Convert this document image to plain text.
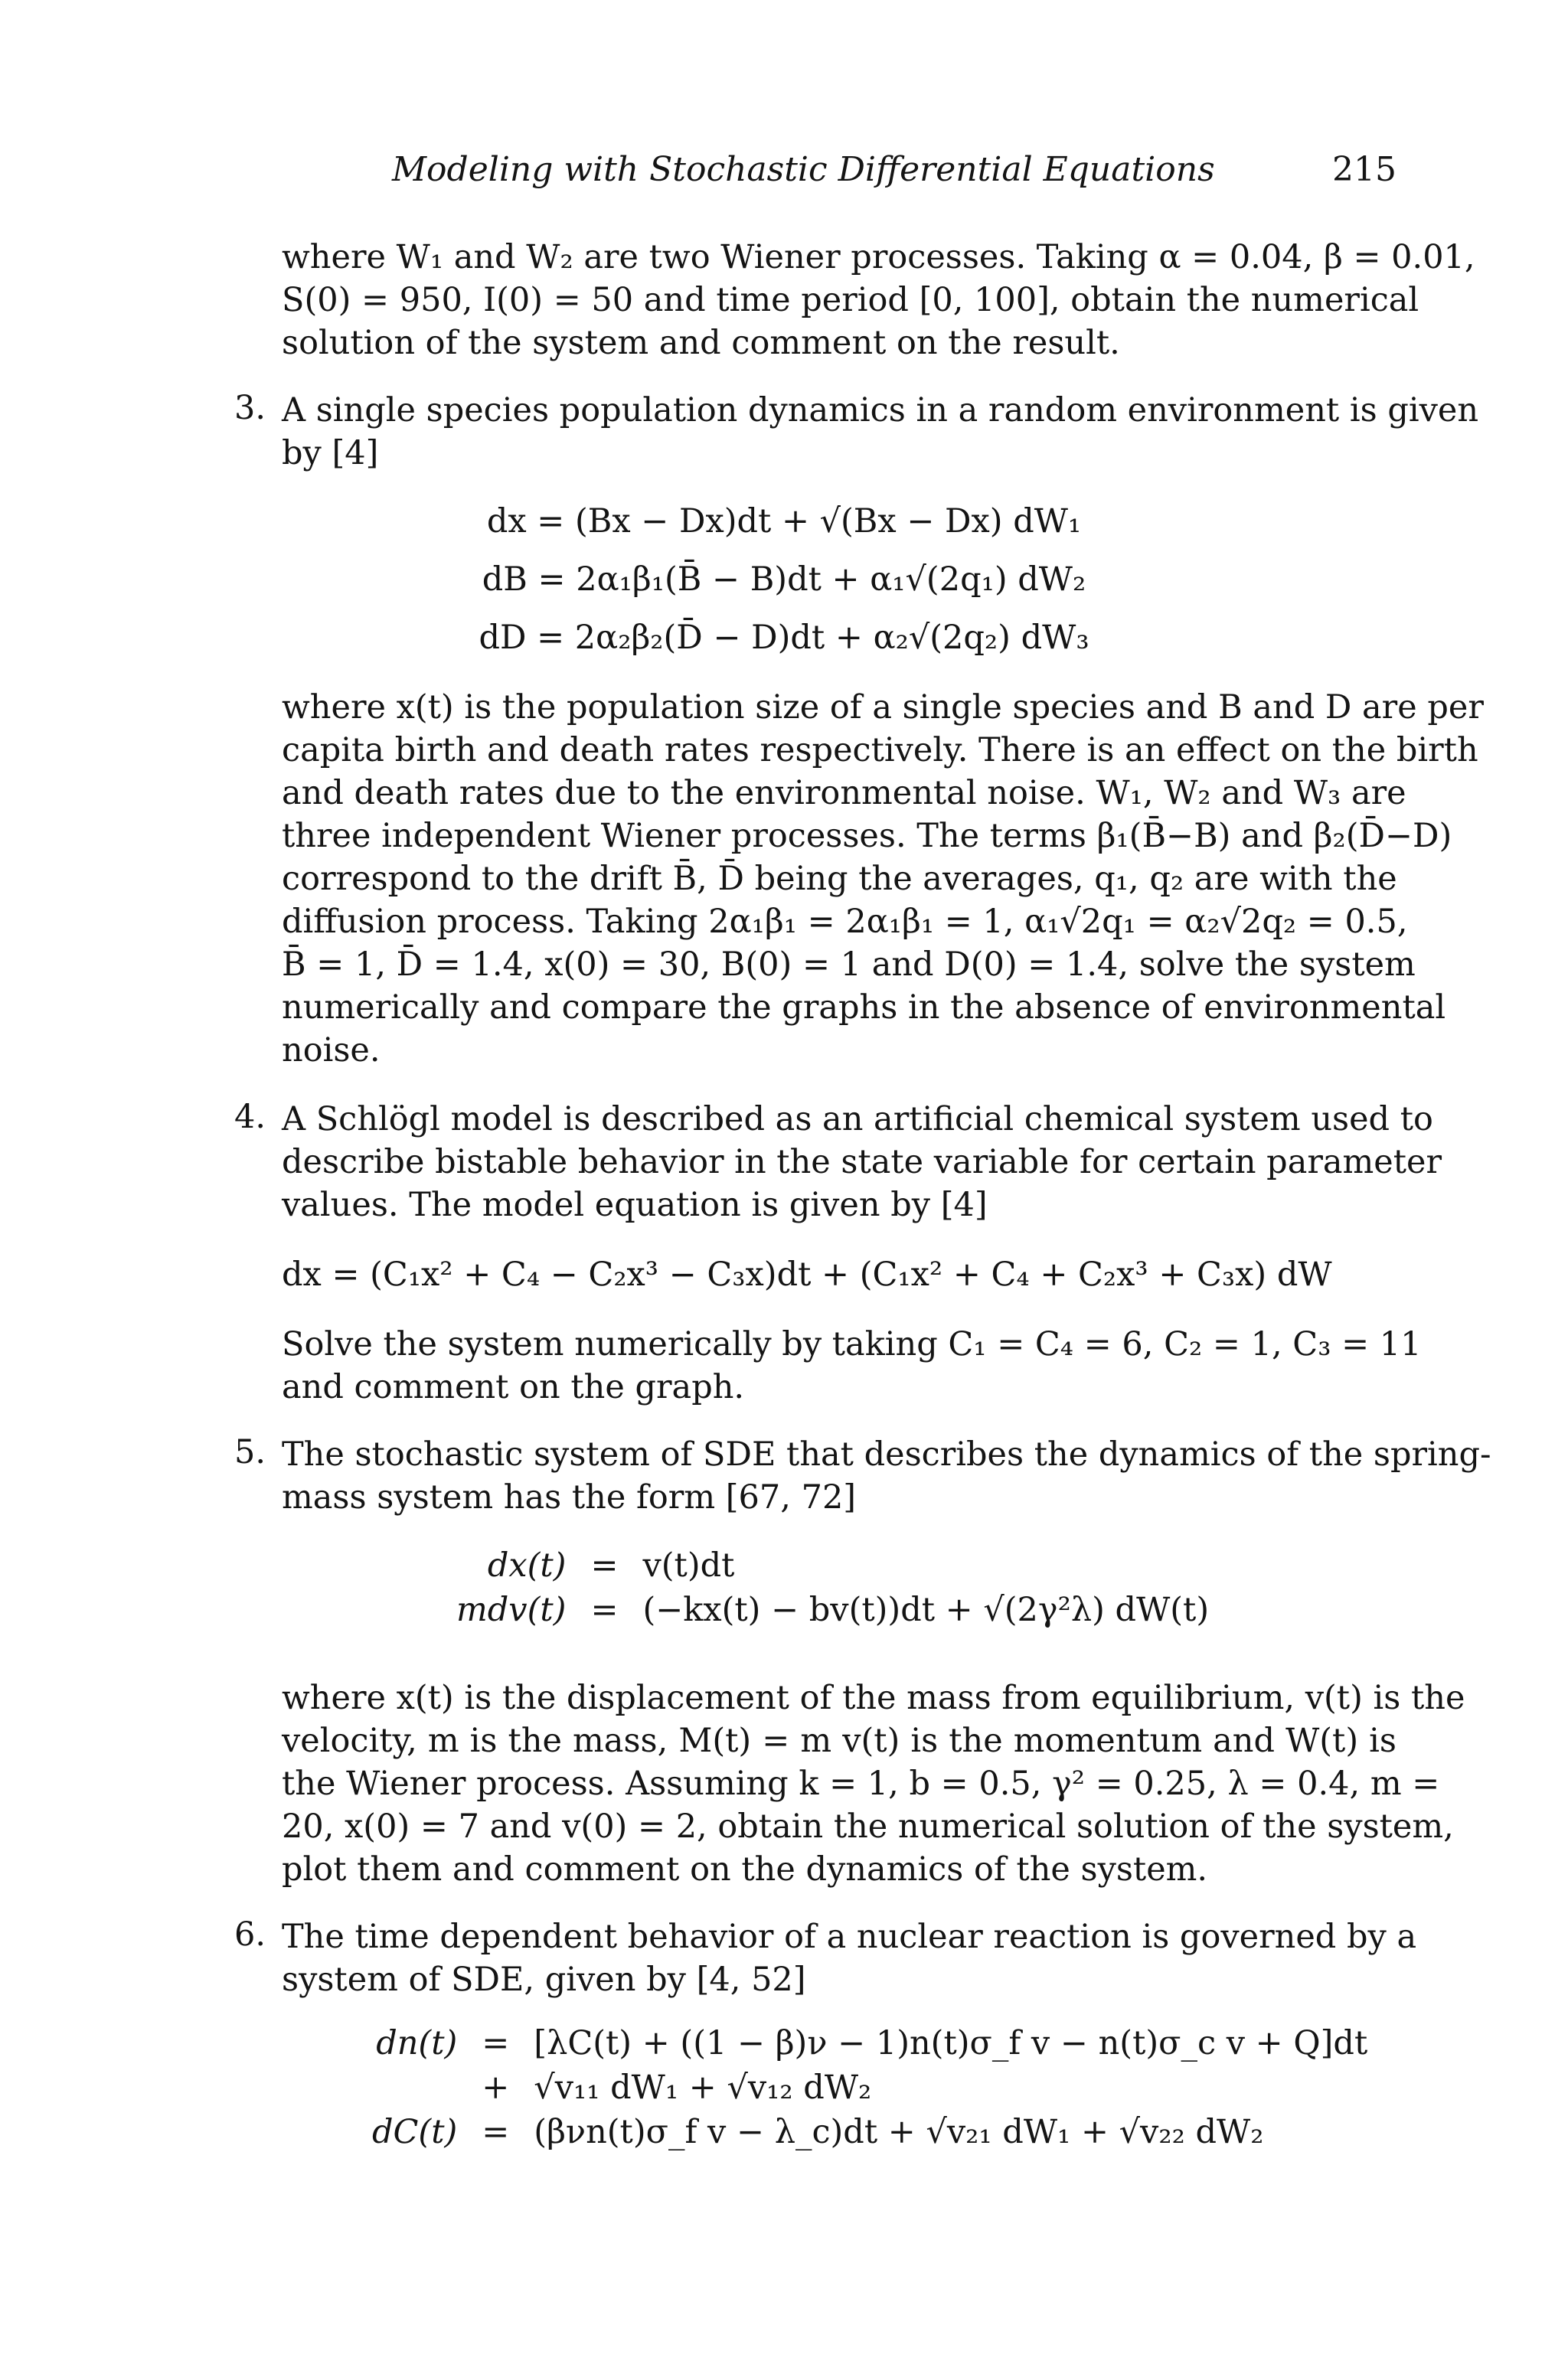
Modeling with Stochastic Differential Equations	215
where W₁ and W₂ are two Wiener processes. Taking α = 0.04, β = 0.01,
S(0) = 950, I(0) = 50 and time period [0, 100], obtain the numerical
solution of the system and comment on the result.
3. A single species population dynamics in a random environment is given
by [4]
dx = (Bx − Dx)dt + √(Bx − Dx) dW₁
dB = 2α₁β₁(B̄ − B)dt + α₁√(2q₁) dW₂
dD = 2α₂β₂(D̄ − D)dt + α₂√(2q₂) dW₃
where x(t) is the population size of a single species and B and D are per
capita birth and death rates respectively. There is an effect on the birth
and death rates due to the environmental noise. W₁, W₂ and W₃ are
three independent Wiener processes. The terms β₁(B̄−B) and β₂(D̄−D)
correspond to the drift B̄, D̄ being the averages, q₁, q₂ are with the
diffusion process. Taking 2α₁β₁ = 2α₁β₁ = 1, α₁√2q₁ = α₂√2q₂ = 0.5,
B̄ = 1, D̄ = 1.4, x(0) = 30, B(0) = 1 and D(0) = 1.4, solve the system
numerically and compare the graphs in the absence of environmental
noise.
4. A Schlögl model is described as an artificial chemical system used to
describe bistable behavior in the state variable for certain parameter
values. The model equation is given by [4]
dx = (C₁x² + C₄ − C₂x³ − C₃x)dt + (C₁x² + C₄ + C₂x³ + C₃x) dW
Solve the system numerically by taking C₁ = C₄ = 6, C₂ = 1, C₃ = 11
and comment on the graph.
5. The stochastic system of SDE that describes the dynamics of the spring-
mass system has the form [67, 72]
dx(t)	=	v(t)dt
mdv(t)	=	(−kx(t) − bv(t))dt + √(2γ²λ) dW(t)
where x(t) is the displacement of the mass from equilibrium, v(t) is the
velocity, m is the mass, M(t) = m v(t) is the momentum and W(t) is
the Wiener process. Assuming k = 1, b = 0.5, γ² = 0.25, λ = 0.4, m =
20, x(0) = 7 and v(0) = 2, obtain the numerical solution of the system,
plot them and comment on the dynamics of the system.
6. The time dependent behavior of a nuclear reaction is governed by a
system of SDE, given by [4, 52]
dn(t)	=	[λC(t) + ((1 − β)ν − 1)n(t)σ_f v − n(t)σ_c v + Q]dt
	+	√v₁₁ dW₁ + √v₁₂ dW₂
dC(t)	=	(βνn(t)σ_f v − λ_c)dt + √v₂₁ dW₁ + √v₂₂ dW₂
